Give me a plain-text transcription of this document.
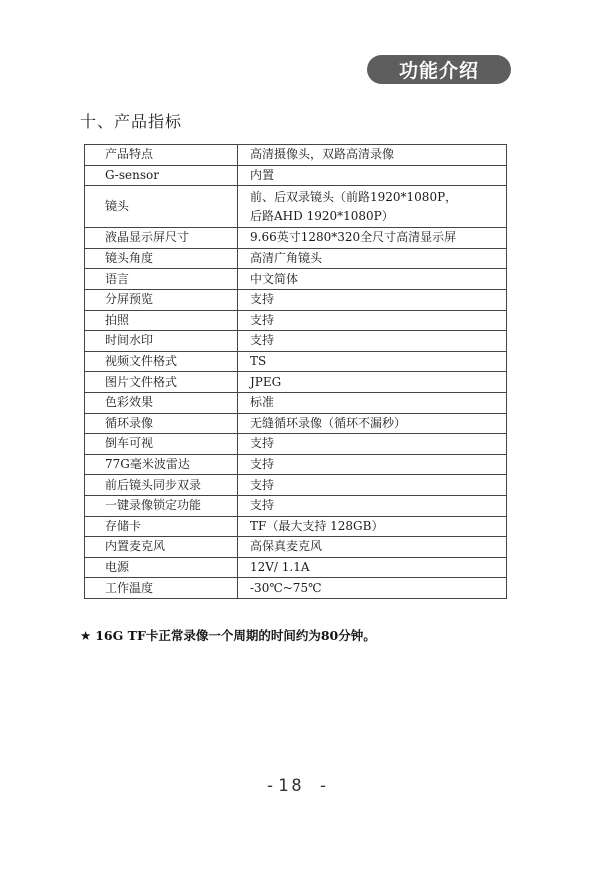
功能介绍
十、产品指标
产品特点	高清摄像头，双路高清录像
G-sensor	内置
镜头	前、后双录镜头（前路1920*1080P，
后路AHD 1920*1080P）

液晶显示屏尺寸	9.66英寸1280*320全尺寸高清显示屏
镜头角度	高清广角镜头
语言	中文简体
分屏预览	支持
拍照	支持
时间水印	支持
视频文件格式	TS
图片文件格式	JPEG
色彩效果	标准
循环录像	无缝循环录像（循环不漏秒）
倒车可视	支持
77G毫米波雷达	支持
前后镜头同步双录	支持
一键录像锁定功能	支持
存储卡	TF（最大支持 128GB）
内置麦克风	高保真麦克风
电源	12V/ 1.1A
工作温度	-30℃~75℃
★ 16G TF卡正常录像一个周期的时间约为80分钟。
-18 -
